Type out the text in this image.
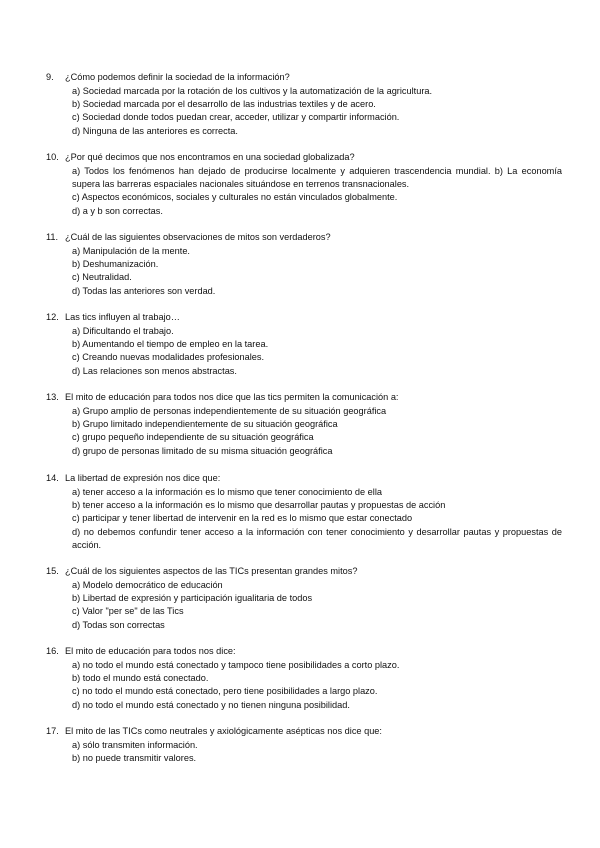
9. ¿Cómo podemos definir la sociedad de la información?
a) Sociedad marcada por la rotación de los cultivos y la automatización de la agricultura.
b) Sociedad marcada por el desarrollo de las industrias textiles y de acero.
c) Sociedad donde todos puedan crear, acceder, utilizar y compartir información.
d) Ninguna de las anteriores es correcta.
10. ¿Por qué decimos que nos encontramos en una sociedad globalizada?
a) Todos los fenómenos han dejado de producirse localmente y adquieren trascendencia mundial. b) La economía supera las barreras espaciales nacionales situándose en terrenos transnacionales.
c) Aspectos económicos, sociales y culturales no están vinculados globalmente.
d) a y b son correctas.
11. ¿Cuál de las siguientes observaciones de mitos son verdaderos?
a) Manipulación de la mente.
b) Deshumanización.
c) Neutralidad.
d) Todas las anteriores son verdad.
12. Las tics influyen al trabajo…
a) Dificultando el trabajo.
b) Aumentando el tiempo de empleo en la tarea.
c) Creando nuevas modalidades profesionales.
d) Las relaciones son menos abstractas.
13. El mito de educación para todos nos dice que las tics permiten la comunicación a:
a) Grupo amplio de personas independientemente de su situación geográfica
b) Grupo limitado independientemente de su situación geográfica
c) grupo pequeño independiente de su situación geográfica
d) grupo de personas limitado de su misma situación geográfica
14. La libertad de expresión nos dice que:
a) tener acceso a la información es lo mismo que tener conocimiento de ella
b) tener acceso a la información es lo mismo que desarrollar pautas y propuestas de acción
c) participar y tener libertad de intervenir en la red es lo mismo que estar conectado
d) no debemos confundir tener acceso a la información con tener conocimiento y desarrollar pautas y propuestas de acción.
15. ¿Cuál de los siguientes aspectos de las TICs presentan grandes mitos?
a) Modelo democrático de educación
b) Libertad de expresión y participación igualitaria de todos
c) Valor "per se" de las Tics
d) Todas son correctas
16. El mito de educación para todos nos dice:
a) no todo el mundo está conectado y tampoco tiene posibilidades a corto plazo.
b) todo el mundo está conectado.
c) no todo el mundo está conectado, pero tiene posibilidades a largo plazo.
d) no todo el mundo está conectado y no tienen ninguna posibilidad.
17. El mito de las TICs como neutrales y axiológicamente asépticas nos dice que:
a) sólo transmiten información.
b) no puede transmitir valores.
